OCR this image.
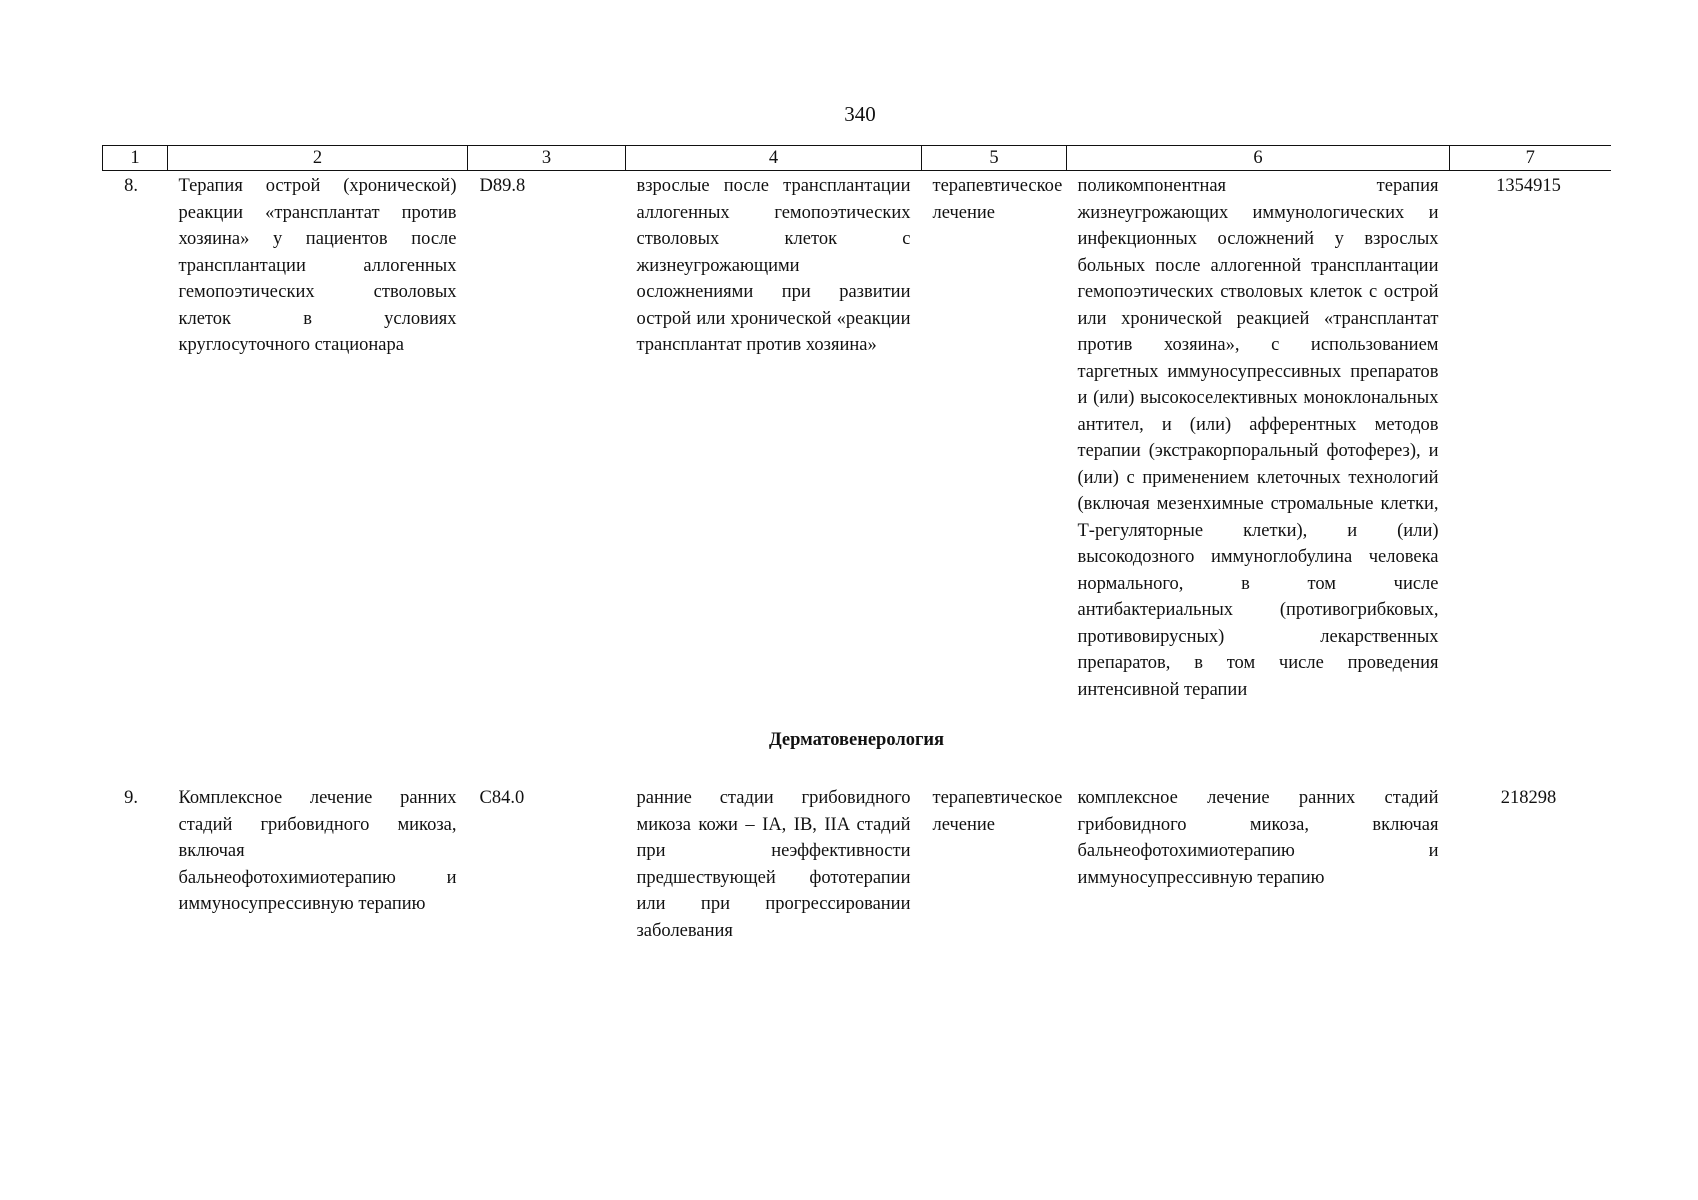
340
1	2	3	4	5	6	7
8.	Терапия острой (хронической) реакции «трансплантат против хозяина» у пациентов после трансплантации аллогенных гемопоэтических стволовых клеток в условиях круглосуточного стационара	D89.8	взрослые после трансплантации аллогенных гемопоэтических стволовых клеток с жизнеугрожающими осложнениями при развитии острой или хронической «реакции трансплантат против хозяина»	терапевтическое лечение	поликомпонентная терапия жизнеугрожающих иммунологических и инфекционных осложнений у взрослых больных после аллогенной трансплантации гемопоэтических стволовых клеток с острой или хронической реакцией «трансплантат против хозяина», с использованием таргетных иммуносупрессивных препаратов и (или) высокоселективных моноклональных антител, и (или) афферентных методов терапии (экстракорпоральный фотоферез), и (или) с применением клеточных технологий (включая мезенхимные стромальные клетки, Т-регуляторные клетки), и (или) высокодозного иммуноглобулина человека нормального, в том числе антибактериальных (противогрибковых, противовирусных) лекарственных препаратов, в том числе проведения интенсивной терапии	1354915

Дерматовенерология						
9.	Комплексное лечение ранних стадий грибовидного микоза, включая бальнеофотохимиотерапию и иммуносупрессивную терапию	C84.0	ранние стадии грибовидного микоза кожи – IA, IB, IIA стадий при неэффективности предшествующей фототерапии или при прогрессировании заболевания	терапевтическое лечение	комплексное лечение ранних стадий грибовидного микоза, включая бальнеофотохимиотерапию и иммуносупрессивную терапию	218298
